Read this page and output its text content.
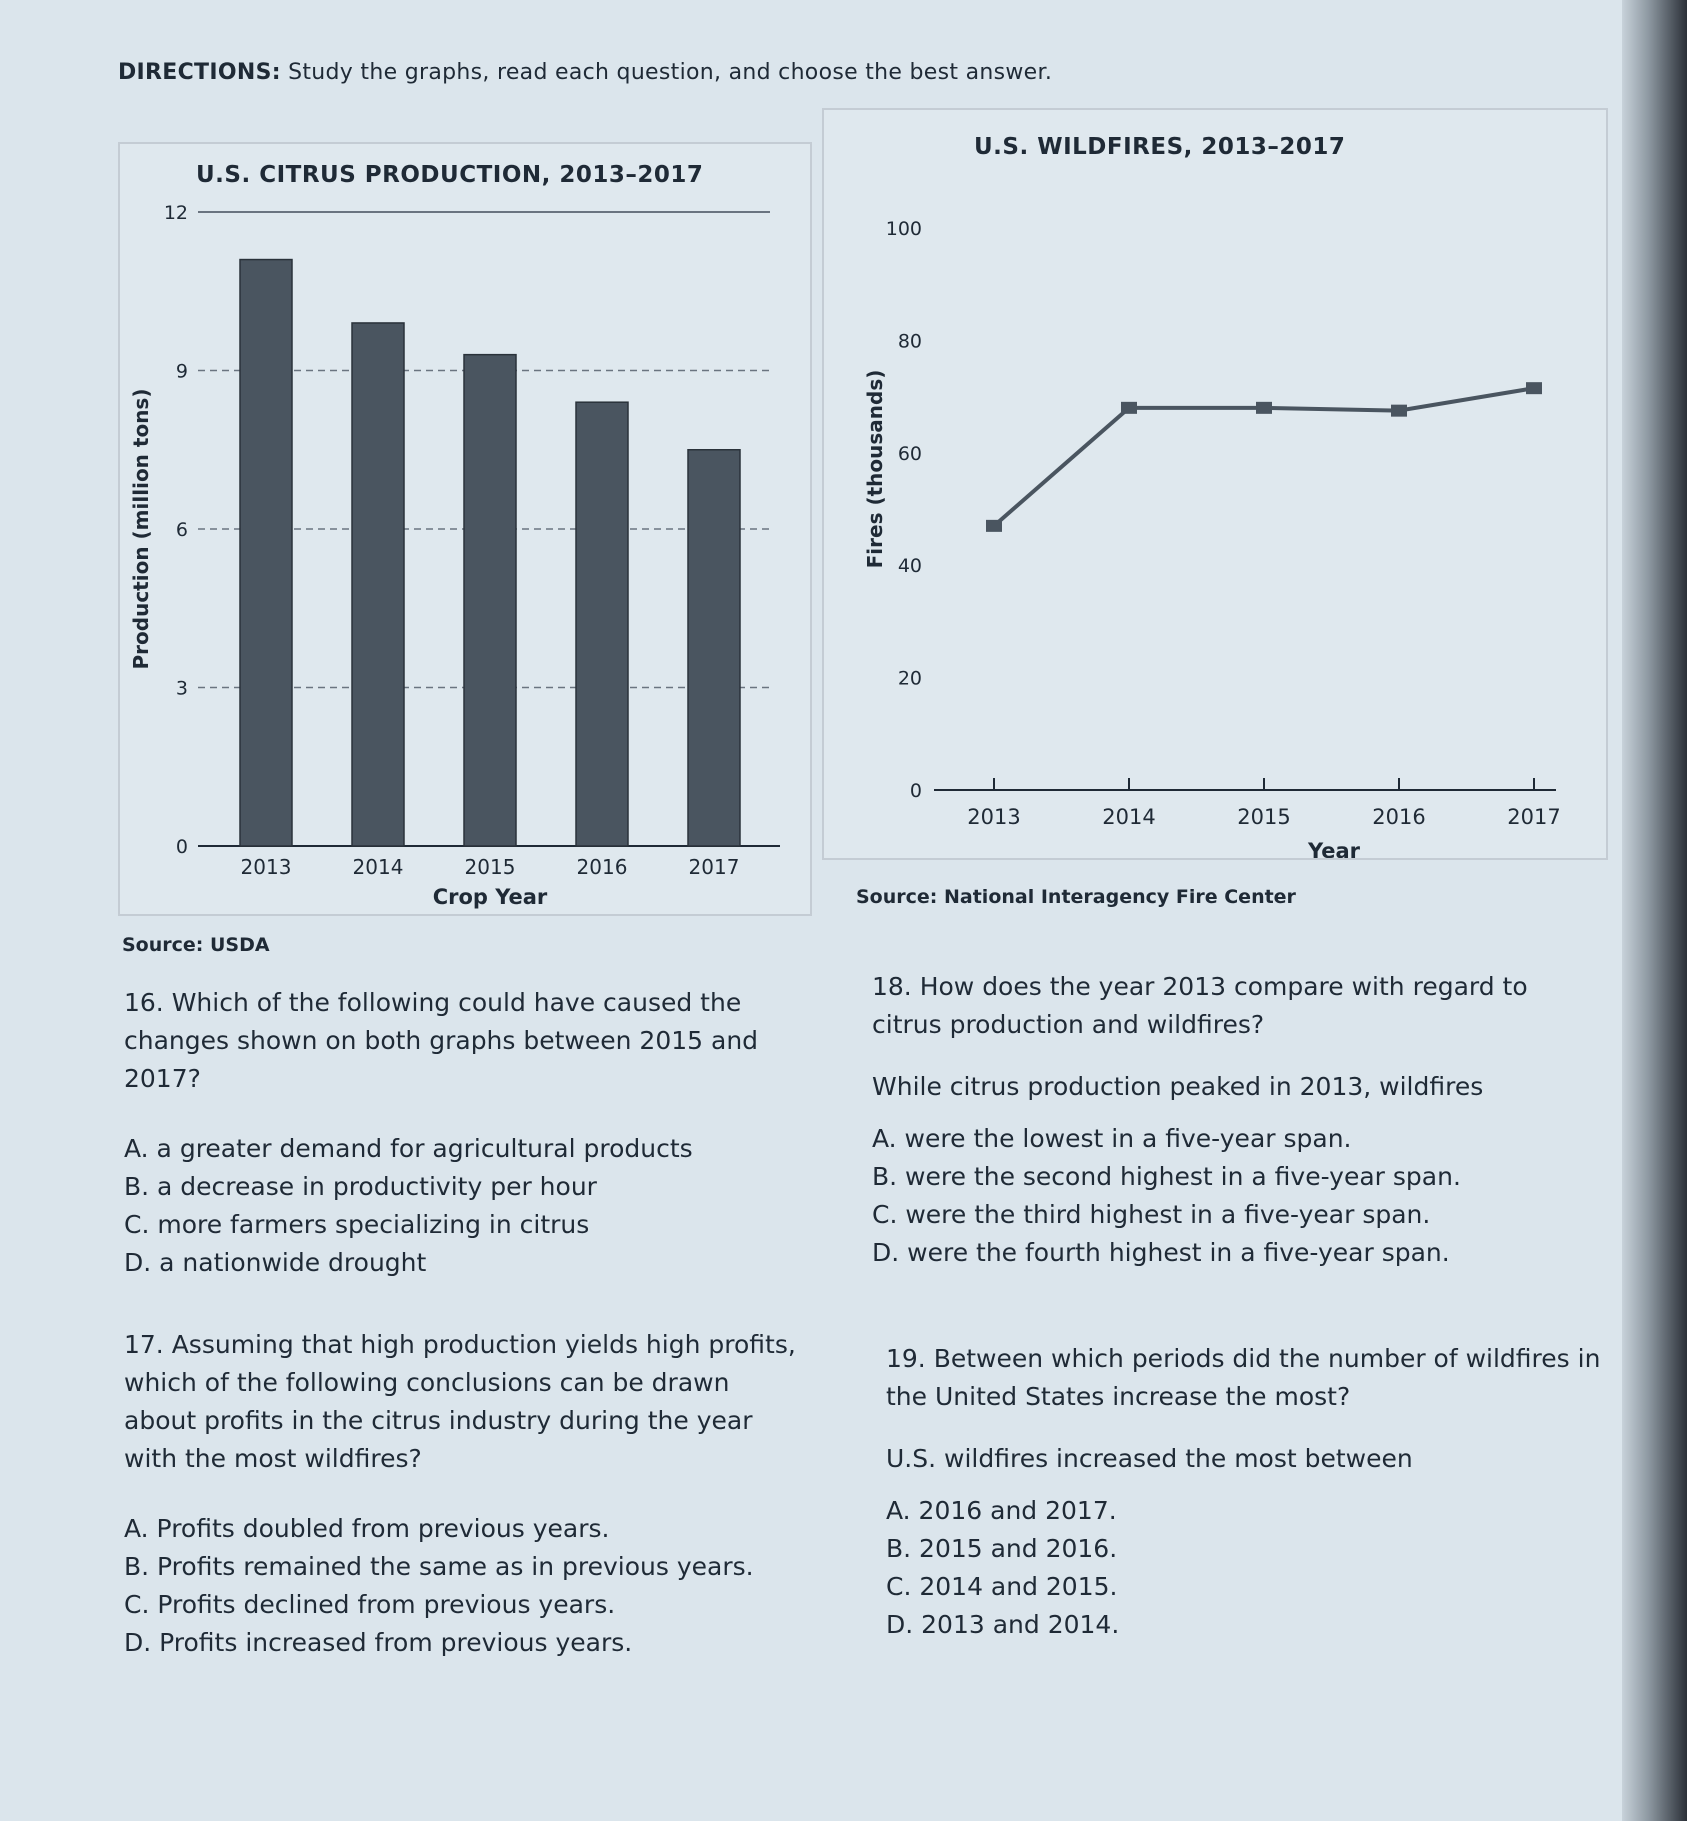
DIRECTIONS: Study the graphs, read each question, and choose the best answer.
U.S. CITRUS PRODUCTION, 2013–2017
0
3
6
9
12
2013	2014	2015	2016	2017
Crop Year
Production (million tons)
Source: USDA
U.S. WILDFIRES, 2013–2017
0
20
40
60
80
100
2013	2014	2015	2016	2017
Year
Fires (thousands)
Source: National Interagency Fire Center

16. Which of the following could have caused the changes shown on both graphs between 2015 and 2017?

A. a greater demand for agricultural products

B. a decrease in productivity per hour

C. more farmers specializing in citrus

D. a nationwide drought

17. Assuming that high production yields high profits, which of the following conclusions can be drawn about profits in the citrus industry during the year with the most wildfires?

A. Profits doubled from previous years.

B. Profits remained the same as in previous years.

C. Profits declined from previous years.

D. Profits increased from previous years.

18. How does the year 2013 compare with regard to citrus production and wildfires?

While citrus production peaked in 2013, wildfires

A. were the lowest in a five-year span.

B. were the second highest in a five-year span.

C. were the third highest in a five-year span.

D. were the fourth highest in a five-year span.

19. Between which periods did the number of wildfires in the United States increase the most?

U.S. wildfires increased the most between

A. 2016 and 2017.

B. 2015 and 2016.

C. 2014 and 2015.

D. 2013 and 2014.
